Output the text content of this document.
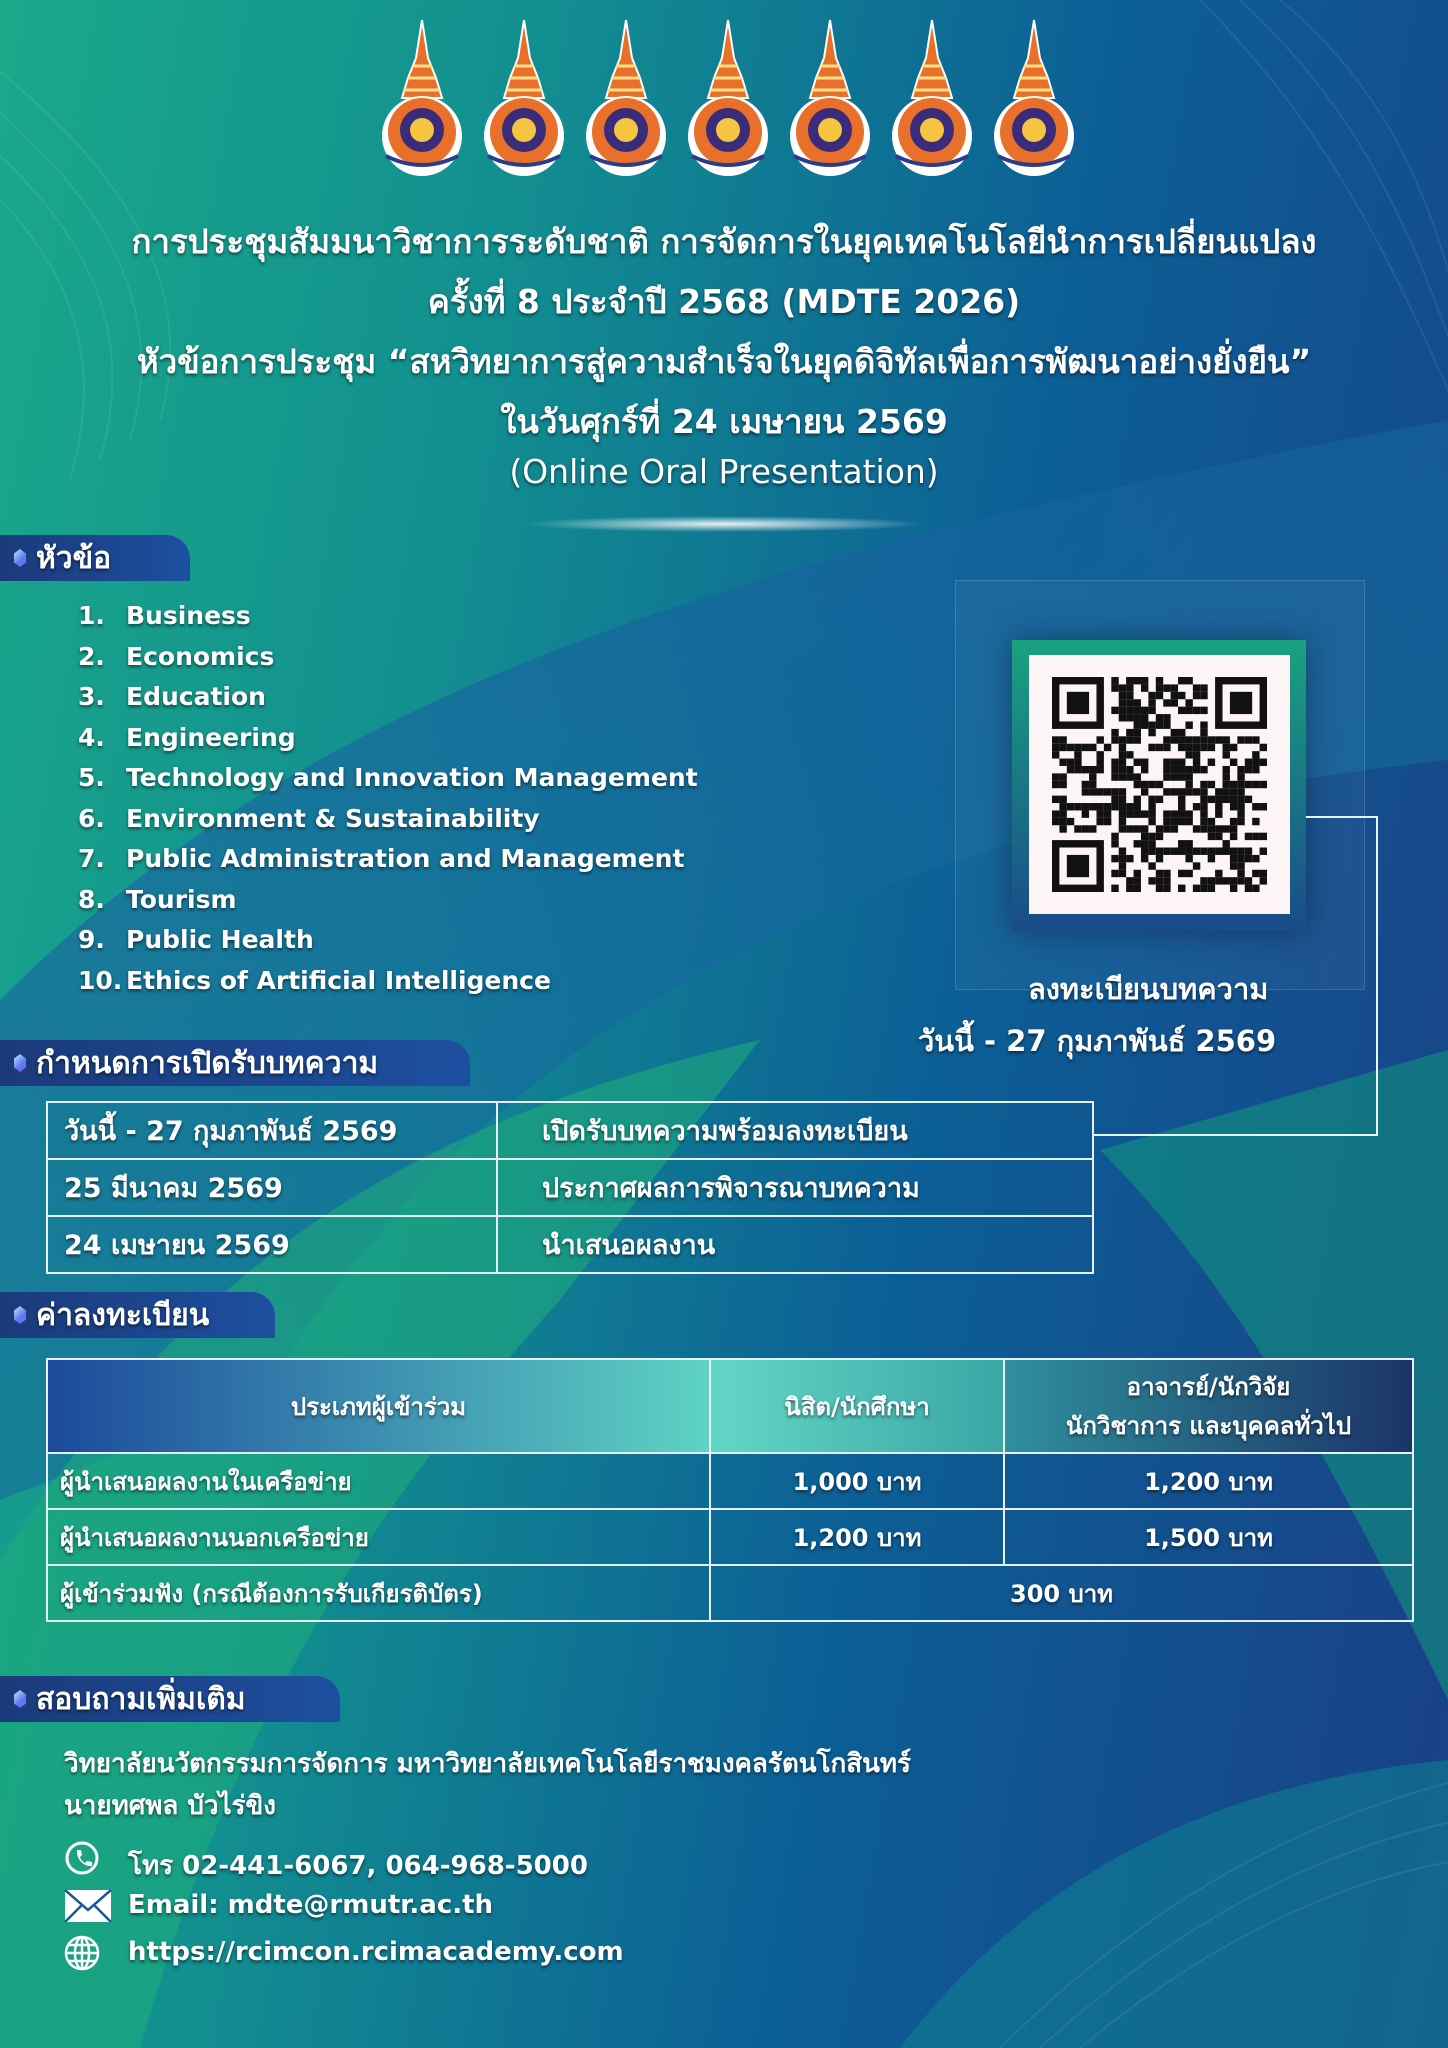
การประชุมสัมมนาวิชาการระดับชาติ การจัดการในยุคเทคโนโลยีนำการเปลี่ยนแปลง
ครั้งที่ 8 ประจำปี 2568 (MDTE 2026)
หัวข้อการประชุม “สหวิทยาการสู่ความสำเร็จในยุคดิจิทัลเพื่อการพัฒนาอย่างยั่งยืน”
ในวันศุกร์ที่ 24 เมษายน 2569
(Online Oral Presentation)
หัวข้อ
1. Business
2. Economics
3. Education
4. Engineering
5. Technology and Innovation Management
6. Environment & Sustainability
7. Public Administration and Management
8. Tourism
9. Public Health
10. Ethics of Artificial Intelligence	ลงทะเบียนบทความ
วันนี้ - 27 กุมภาพันธ์ 2569
กำหนดการเปิดรับบทความ
วันนี้ - 27 กุมภาพันธ์ 2569	เปิดรับบทความพร้อมลงทะเบียน
25 มีนาคม 2569	ประกาศผลการพิจารณาบทความ
24 เมษายน 2569	นำเสนอผลงาน
ค่าลงทะเบียน
ประเภทผู้เข้าร่วม	นิสิต/นักศึกษา	อาจารย์/นักวิจัย
นักวิชาการ และบุคคลทั่วไป

ผู้นำเสนอผลงานในเครือข่าย	1,000 บาท	1,200 บาท
ผู้นำเสนอผลงานนอกเครือข่าย	1,200 บาท	1,500 บาท
ผู้เข้าร่วมฟัง (กรณีต้องการรับเกียรติบัตร)	300 บาท	
สอบถามเพิ่มเติม
วิทยาลัยนวัตกรรมการจัดการ มหาวิทยาลัยเทคโนโลยีราชมงคลรัตนโกสินทร์
นายทศพล บัวไร่ขิง
โทร 02-441-6067, 064-968-5000
Email: mdte@rmutr.ac.th
https://rcimcon.rcimacademy.com
